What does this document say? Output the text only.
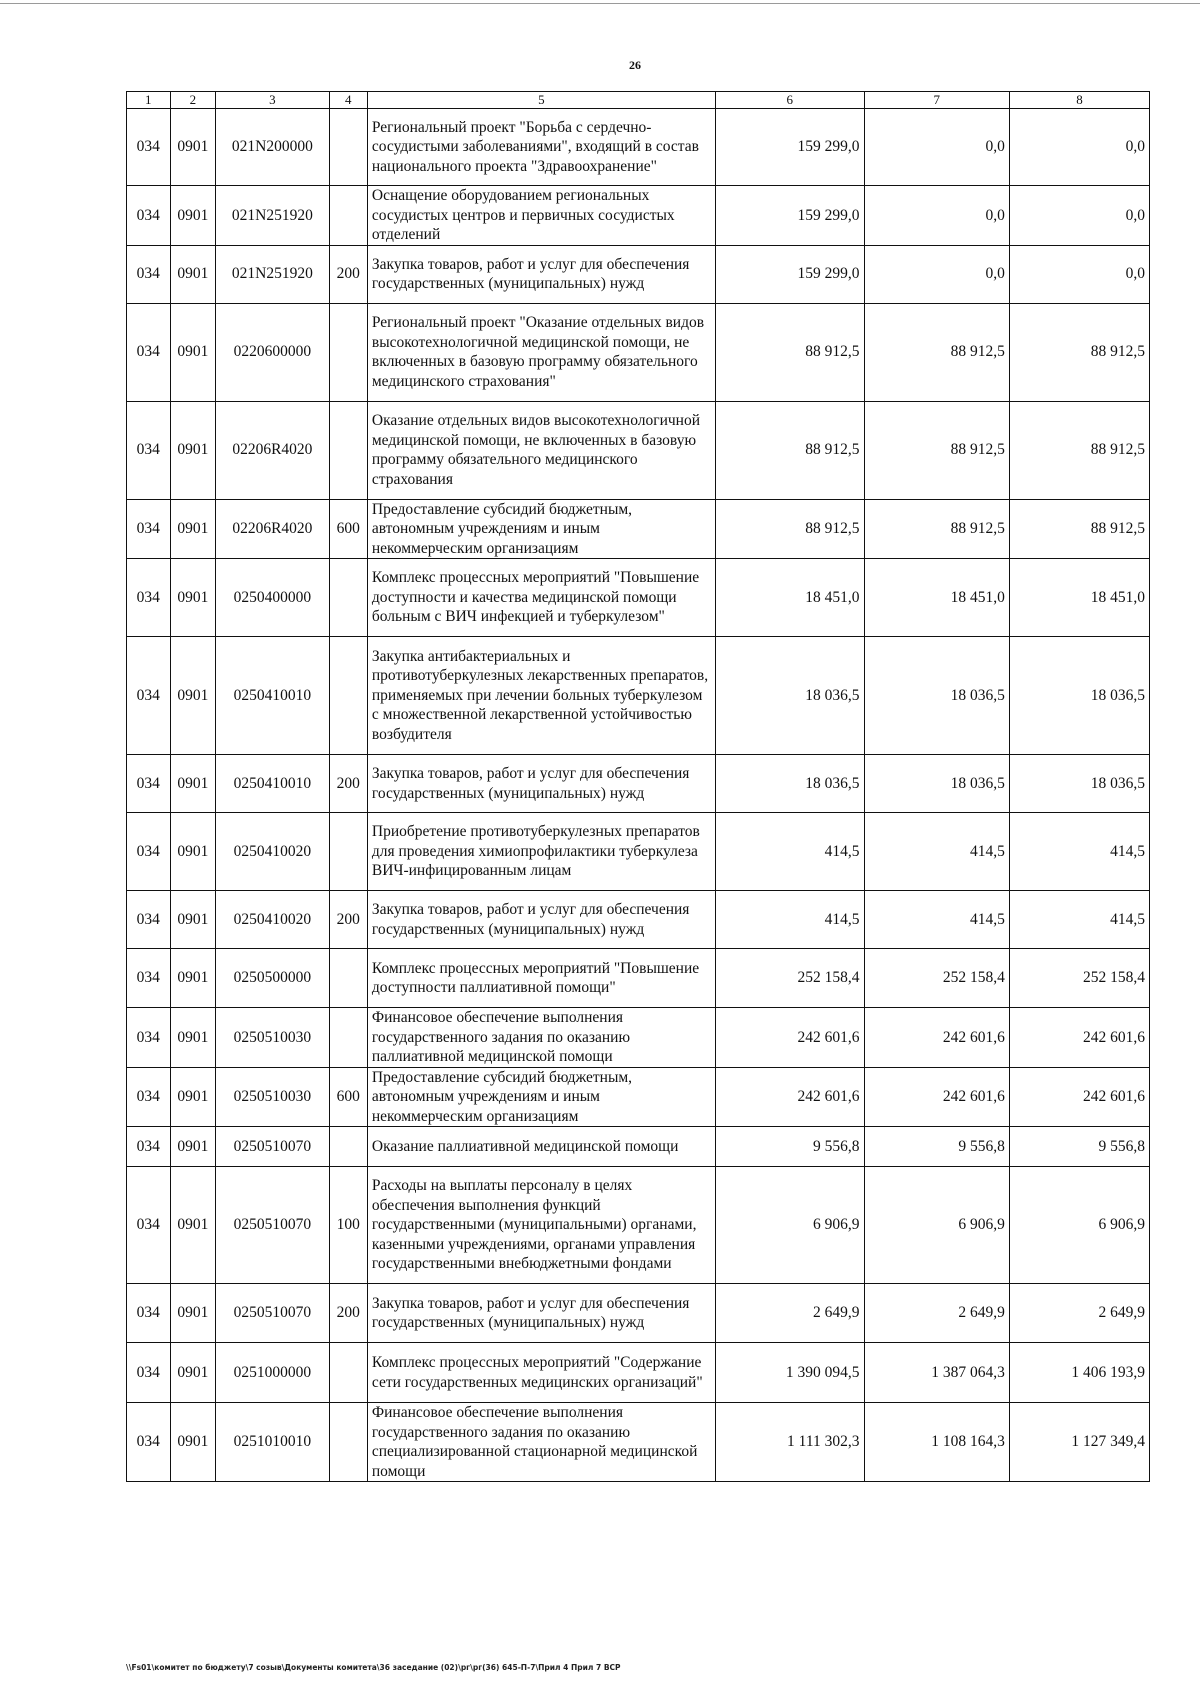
26
1	2	3	4	5	6	7	8
034	0901	021N200000		Региональный проект "Борьба с сердечно-сосудистыми заболеваниями", входящий в состав национального проекта "Здравоохранение"	159 299,0	0,0	0,0
034	0901	021N251920		Оснащение оборудованием региональных сосудистых центров и первичных сосудистых отделений	159 299,0	0,0	0,0
034	0901	021N251920	200	Закупка товаров, работ и услуг для обеспечения государственных (муниципальных) нужд	159 299,0	0,0	0,0
034	0901	0220600000		Региональный проект "Оказание отдельных видов высокотехнологичной медицинской помощи, не включенных в базовую программу обязательного медицинского страхования"	88 912,5	88 912,5	88 912,5
034	0901	02206R4020		Оказание отдельных видов высокотехнологичной медицинской помощи, не включенных в базовую программу обязательного медицинского страхования	88 912,5	88 912,5	88 912,5
034	0901	02206R4020	600	Предоставление субсидий бюджетным, автономным учреждениям и иным некоммерческим организациям	88 912,5	88 912,5	88 912,5
034	0901	0250400000		Комплекс процессных мероприятий "Повышение доступности и качества медицинской помощи больным с ВИЧ инфекцией и туберкулезом"	18 451,0	18 451,0	18 451,0
034	0901	0250410010		Закупка антибактериальных и противотуберкулезных лекарственных препаратов, применяемых при лечении больных туберкулезом с множественной лекарственной устойчивостью возбудителя	18 036,5	18 036,5	18 036,5
034	0901	0250410010	200	Закупка товаров, работ и услуг для обеспечения государственных (муниципальных) нужд	18 036,5	18 036,5	18 036,5
034	0901	0250410020		Приобретение противотуберкулезных препаратов для проведения химиопрофилактики туберкулеза ВИЧ-инфицированным лицам	414,5	414,5	414,5
034	0901	0250410020	200	Закупка товаров, работ и услуг для обеспечения государственных (муниципальных) нужд	414,5	414,5	414,5
034	0901	0250500000		Комплекс процессных мероприятий "Повышение доступности паллиативной помощи"	252 158,4	252 158,4	252 158,4
034	0901	0250510030		Финансовое обеспечение выполнения государственного задания по оказанию паллиативной медицинской помощи	242 601,6	242 601,6	242 601,6
034	0901	0250510030	600	Предоставление субсидий бюджетным, автономным учреждениям и иным некоммерческим организациям	242 601,6	242 601,6	242 601,6
034	0901	0250510070		Оказание паллиативной медицинской помощи	9 556,8	9 556,8	9 556,8
034	0901	0250510070	100	Расходы на выплаты персоналу в целях обеспечения выполнения функций государственными (муниципальными) органами, казенными учреждениями, органами управления государственными внебюджетными фондами	6 906,9	6 906,9	6 906,9
034	0901	0250510070	200	Закупка товаров, работ и услуг для обеспечения государственных (муниципальных) нужд	2 649,9	2 649,9	2 649,9
034	0901	0251000000		Комплекс процессных мероприятий "Содержание сети государственных медицинских организаций"	1 390 094,5	1 387 064,3	1 406 193,9
034	0901	0251010010		Финансовое обеспечение выполнения государственного задания по оказанию специализированной стационарной медицинской помощи	1 111 302,3	1 108 164,3	1 127 349,4
\\Fs01\комитет по бюджету\7 созыв\Документы комитета\36 заседание (02)\рг\рг(36) 645-П-7\Прил 4 Прил 7 ВСР
